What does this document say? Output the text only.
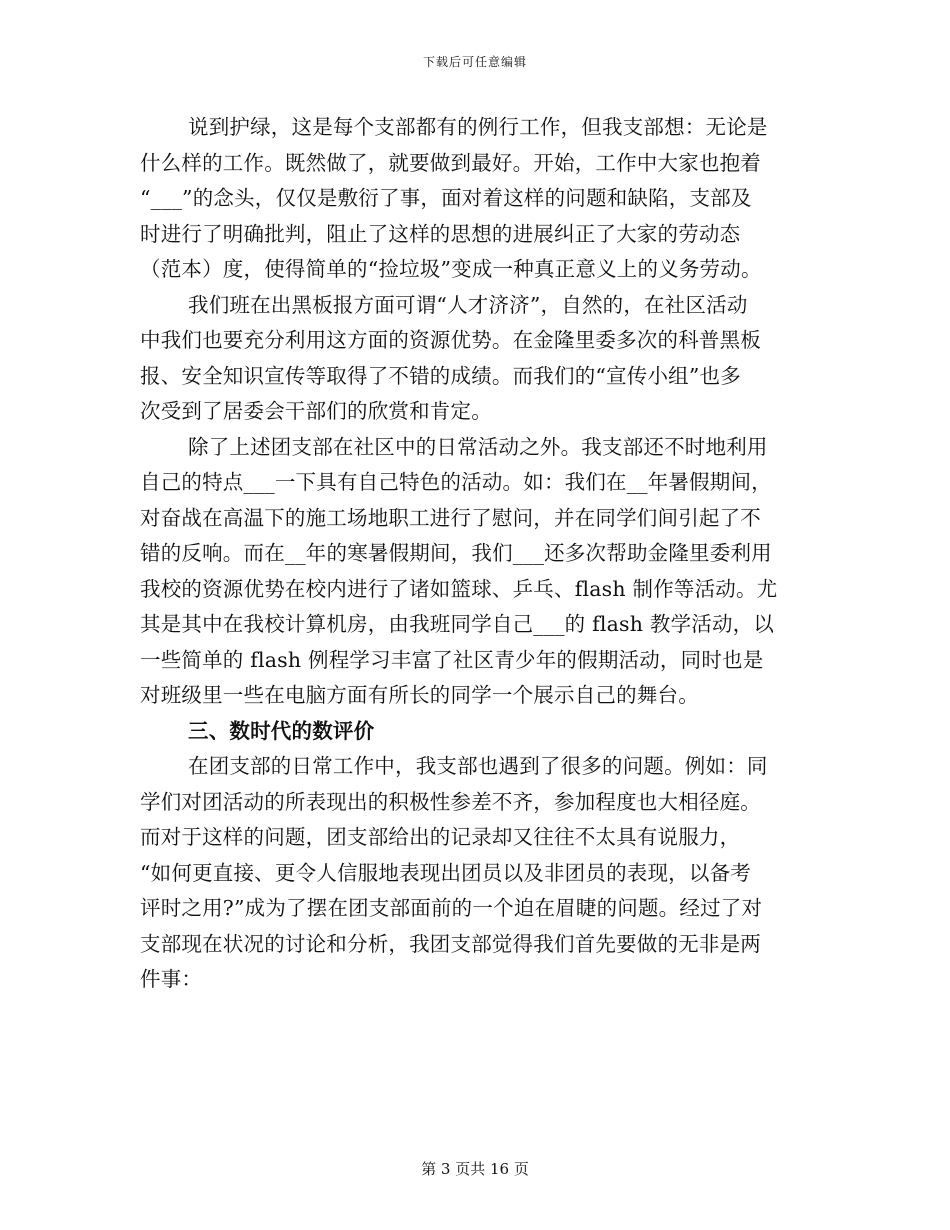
下载后可任意编辑
说到护绿，这是每个支部都有的例行工作，但我支部想：无论是
什么样的工作。既然做了，就要做到最好。开始，工作中大家也抱着
“___”的念头，仅仅是敷衍了事，面对着这样的问题和缺陷，支部及
时进行了明确批判，阻止了这样的思想的进展纠正了大家的劳动态
（范本）度，使得简单的“捡垃圾”变成一种真正意义上的义务劳动。
我们班在出黑板报方面可谓“人才济济”，自然的，在社区活动
中我们也要充分利用这方面的资源优势。在金隆里委多次的科普黑板
报、安全知识宣传等取得了不错的成绩。而我们的“宣传小组”也多
次受到了居委会干部们的欣赏和肯定。
除了上述团支部在社区中的日常活动之外。我支部还不时地利用
自己的特点___一下具有自己特色的活动。如：我们在__年暑假期间，
对奋战在高温下的施工场地职工进行了慰问，并在同学们间引起了不
错的反响。而在__年的寒暑假期间，我们___还多次帮助金隆里委利用
我校的资源优势在校内进行了诸如篮球、乒乓、flash 制作等活动。尤
其是其中在我校计算机房，由我班同学自己___的 flash 教学活动，以
一些简单的 flash 例程学习丰富了社区青少年的假期活动，同时也是
对班级里一些在电脑方面有所长的同学一个展示自己的舞台。
三、数时代的数评价
在团支部的日常工作中，我支部也遇到了很多的问题。例如：同
学们对团活动的所表现出的积极性参差不齐，参加程度也大相径庭。
而对于这样的问题，团支部给出的记录却又往往不太具有说服力，
“如何更直接、更令人信服地表现出团员以及非团员的表现，以备考
评时之用?”成为了摆在团支部面前的一个迫在眉睫的问题。经过了对
支部现在状况的讨论和分析，我团支部觉得我们首先要做的无非是两
件事：
第 3 页共 16 页
